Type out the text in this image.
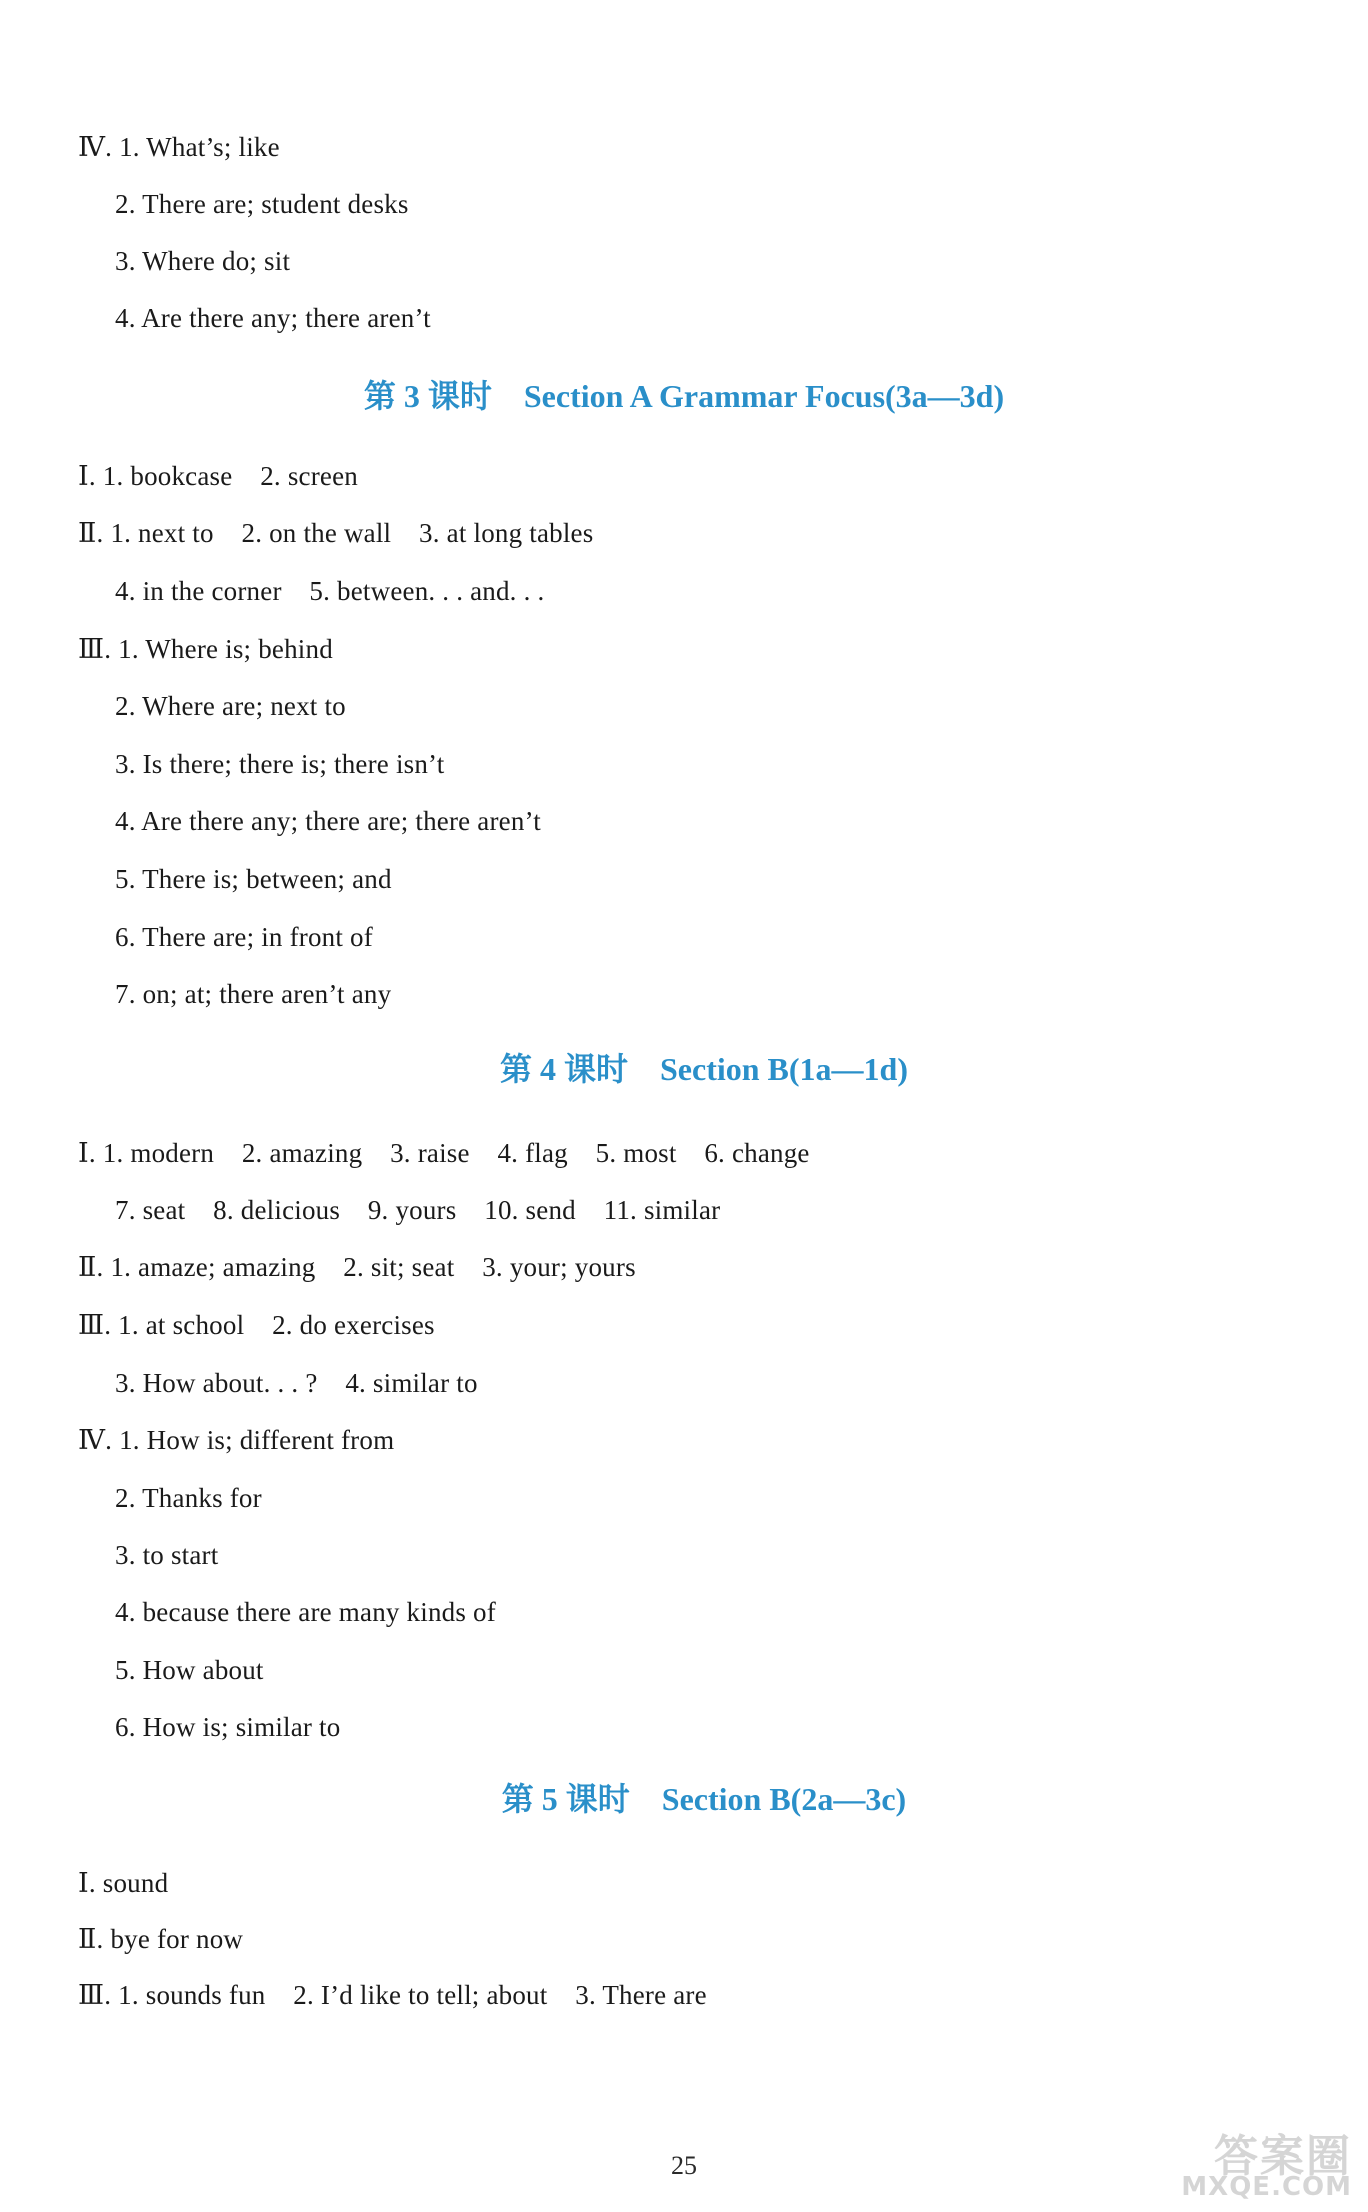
Ⅳ. 1. What’s; like
2. There are; student desks
3. Where do; sit
4. Are there any; there aren’t
第 3 课时    Section A Grammar Focus(3a—3d)
Ⅰ. 1. bookcase    2. screen
Ⅱ. 1. next to    2. on the wall    3. at long tables
4. in the corner    5. between. . . and. . .
Ⅲ. 1. Where is; behind
2. Where are; next to
3. Is there; there is; there isn’t
4. Are there any; there are; there aren’t
5. There is; between; and
6. There are; in front of
7. on; at; there aren’t any
第 4 课时    Section B(1a—1d)
Ⅰ. 1. modern    2. amazing    3. raise    4. flag    5. most    6. change
7. seat    8. delicious    9. yours    10. send    11. similar
Ⅱ. 1. amaze; amazing    2. sit; seat    3. your; yours
Ⅲ. 1. at school    2. do exercises
3. How about. . . ?    4. similar to
Ⅳ. 1. How is; different from
2. Thanks for
3. to start
4. because there are many kinds of
5. How about
6. How is; similar to
第 5 课时    Section B(2a—3c)
Ⅰ. sound
Ⅱ. bye for now
Ⅲ. 1. sounds fun    2. I’d like to tell; about    3. There are
25	答案圈
MXQE.COM
